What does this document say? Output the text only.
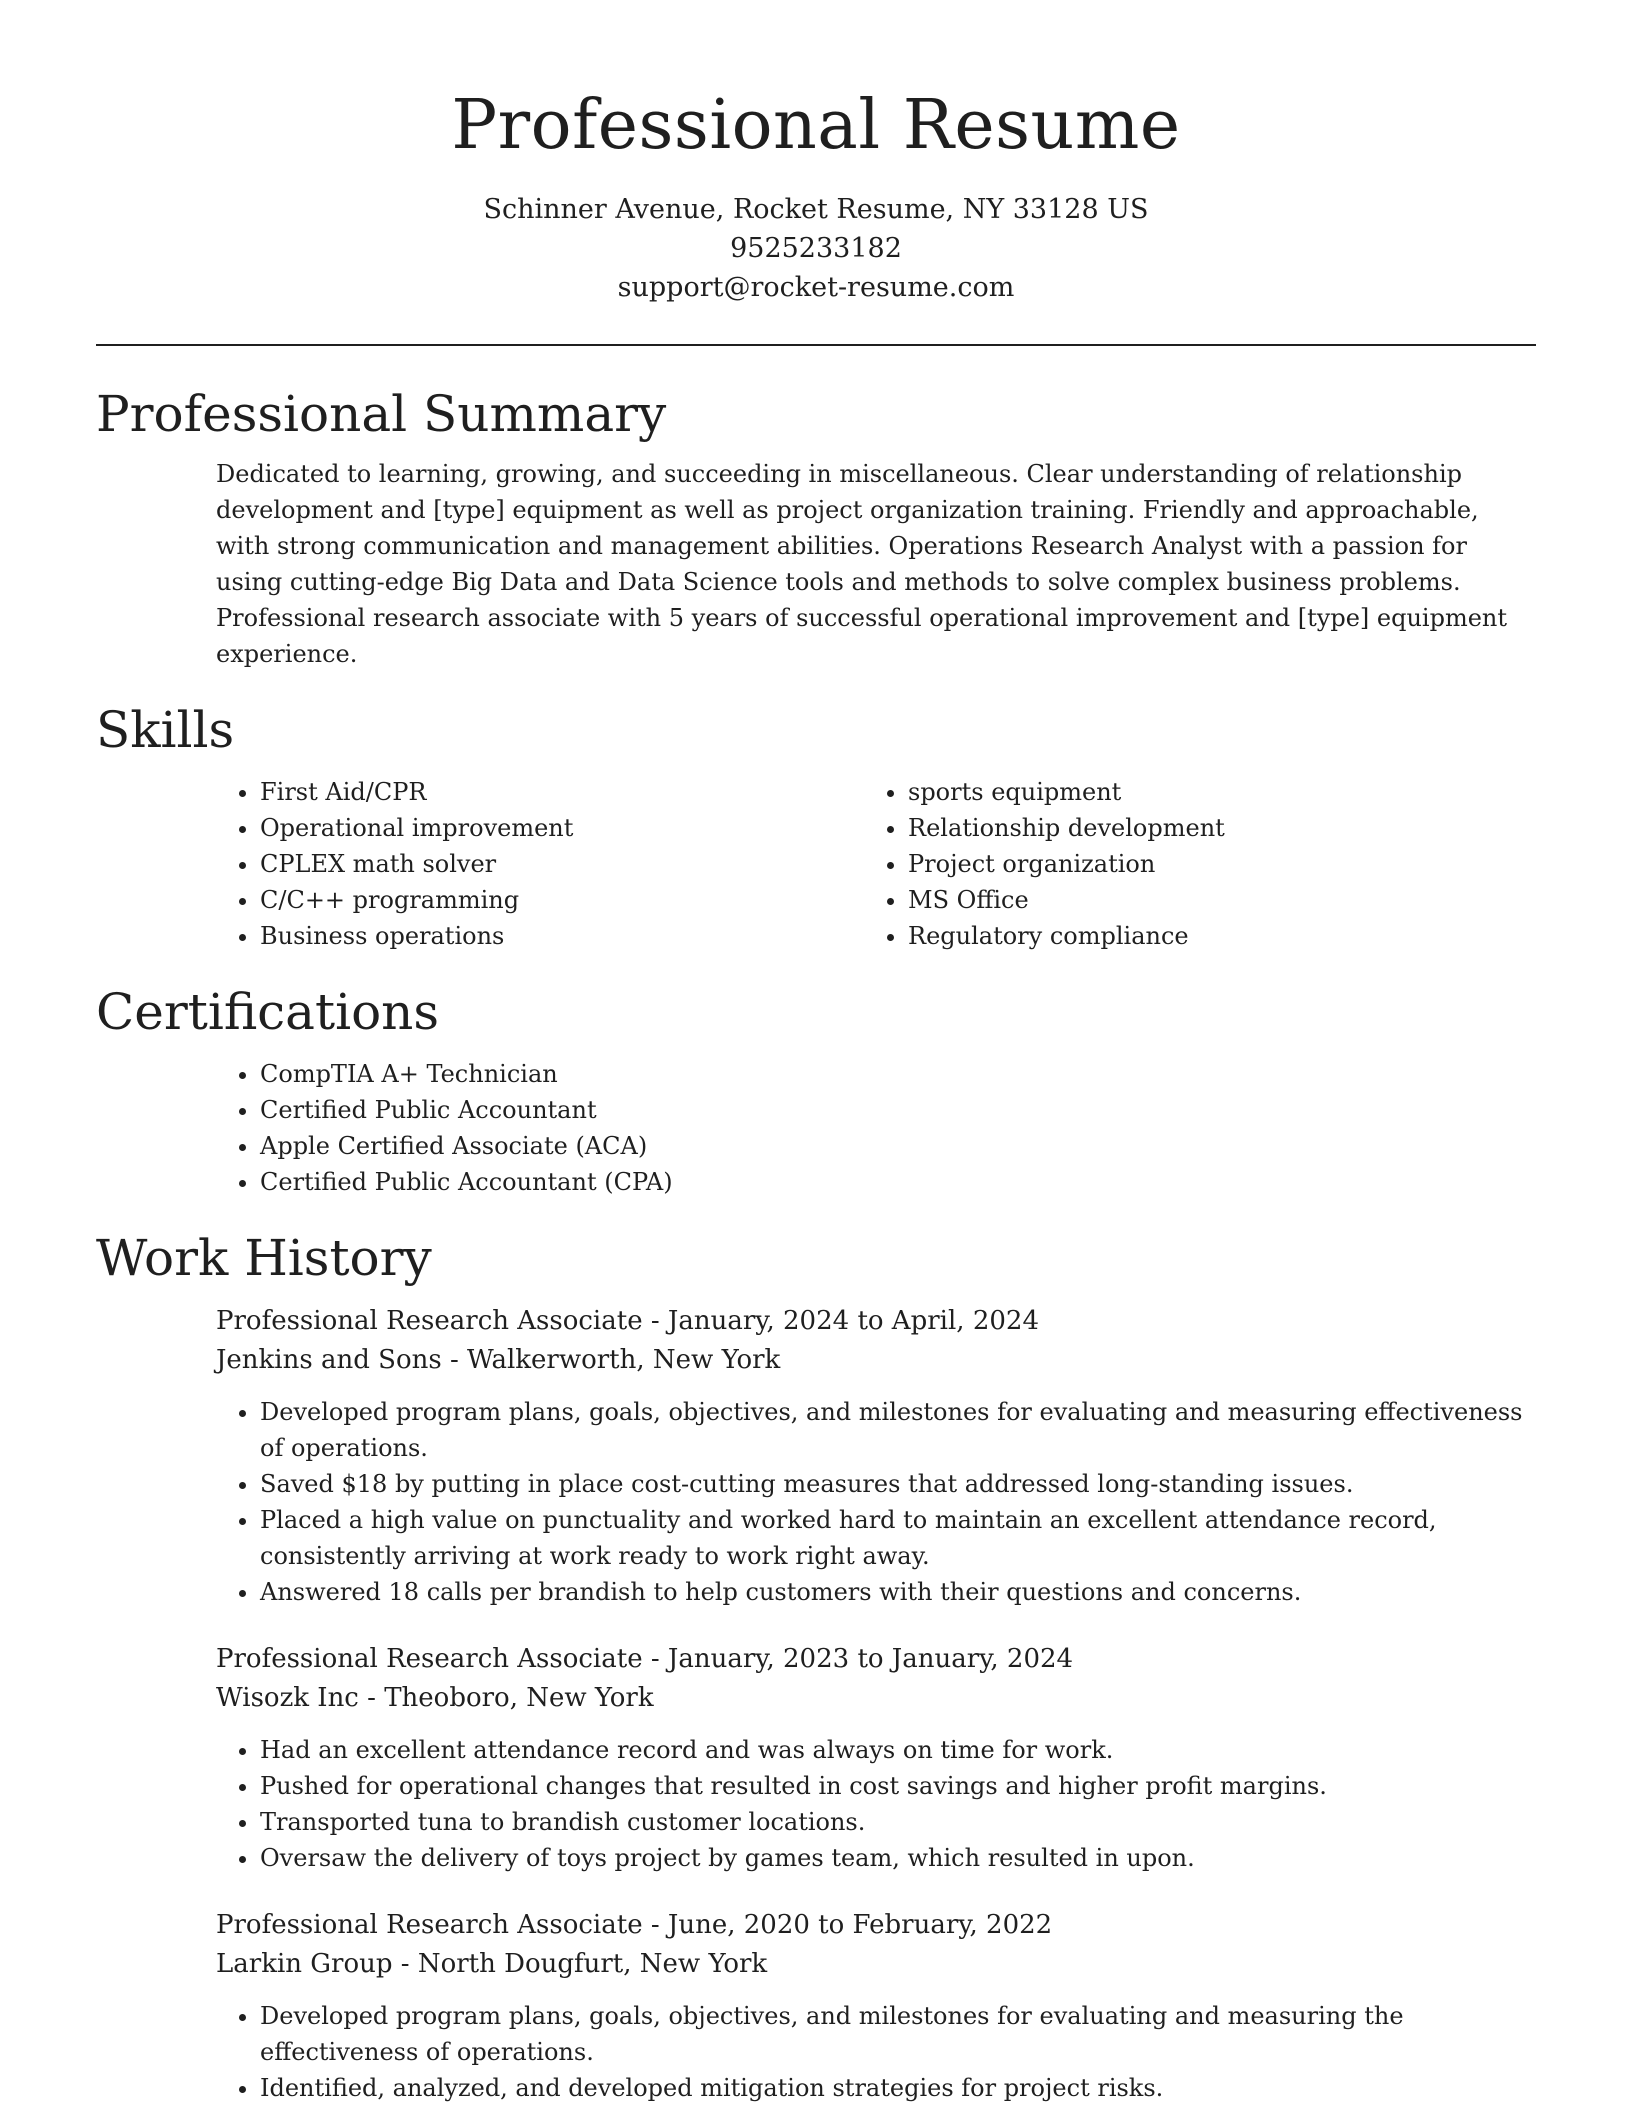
Professional Resume

Schinner Avenue, Rocket Resume, NY 33128 US

9525233182

support@rocket-resume.com

Professional Summary

Dedicated to learning, growing, and succeeding in miscellaneous. Clear understanding of relationship development and [type] equipment as well as project organization training. Friendly and approachable, with strong communication and management abilities. Operations Research Analyst with a passion for using cutting-edge Big Data and Data Science tools and methods to solve complex business problems. Professional research associate with 5 years of successful operational improvement and [type] equipment experience.

Skills
• First Aid/CPR
• Operational improvement
• CPLEX math solver
• C/C++ programming
• Business operations
• sports equipment
• Relationship development
• Project organization
• MS Office
• Regulatory compliance
Certifications
• CompTIA A+ Technician
• Certified Public Accountant
• Apple Certified Associate (ACA)
• Certified Public Accountant (CPA)
Work History

Professional Research Associate - January, 2024 to April, 2024

Jenkins and Sons - Walkerworth, New York

• Developed program plans, goals, objectives, and milestones for evaluating and measuring effectiveness of operations.
• Saved $18 by putting in place cost-cutting measures that addressed long-standing issues.
• Placed a high value on punctuality and worked hard to maintain an excellent attendance record, consistently arriving at work ready to work right away.
• Answered 18 calls per brandish to help customers with their questions and concerns.

Professional Research Associate - January, 2023 to January, 2024

Wisozk Inc - Theoboro, New York

• Had an excellent attendance record and was always on time for work.
• Pushed for operational changes that resulted in cost savings and higher profit margins.
• Transported tuna to brandish customer locations.
• Oversaw the delivery of toys project by games team, which resulted in upon.

Professional Research Associate - June, 2020 to February, 2022

Larkin Group - North Dougfurt, New York

• Developed program plans, goals, objectives, and milestones for evaluating and measuring the effectiveness of operations.
• Identified, analyzed, and developed mitigation strategies for project risks.
